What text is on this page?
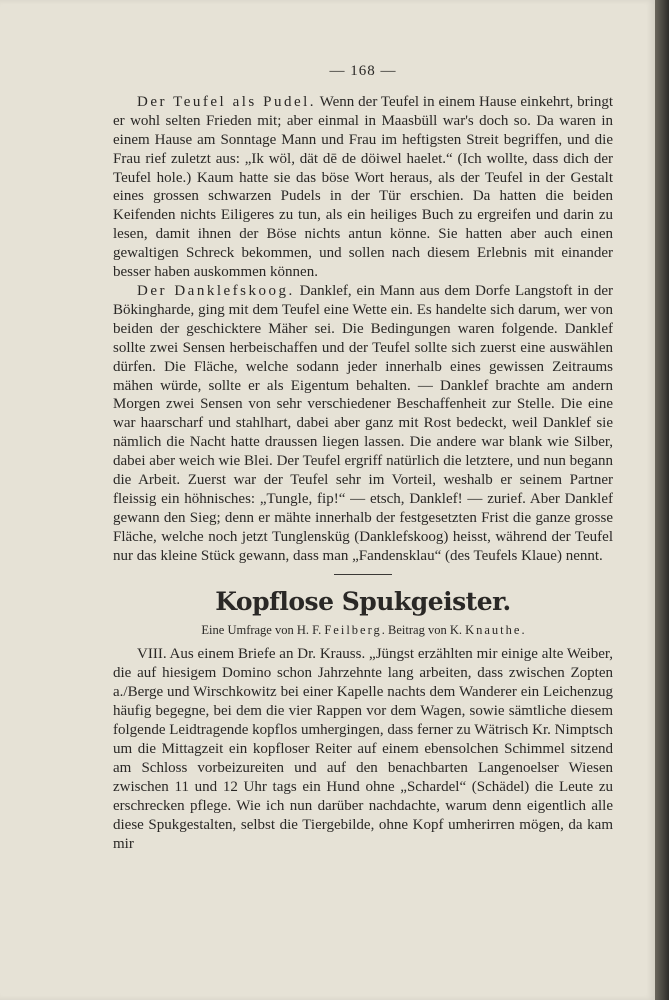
— 168 —

Der Teufel als Pudel. Wenn der Teufel in einem Hause einkehrt, bringt er wohl selten Frieden mit; aber einmal in Maasbüll war's doch so. Da waren in einem Hause am Sonntage Mann und Frau im heftigsten Streit begriffen, und die Frau rief zuletzt aus: „Ik wöl, dät dē de döiwel haelet.“ (Ich wollte, dass dich der Teufel hole.) Kaum hatte sie das böse Wort heraus, als der Teufel in der Gestalt eines grossen schwarzen Pudels in der Tür erschien. Da hatten die beiden Keifenden nichts Eiligeres zu tun, als ein heiliges Buch zu ergreifen und darin zu lesen, damit ihnen der Böse nichts antun könne. Sie hatten aber auch einen gewaltigen Schreck bekommen, und sollen nach diesem Erlebnis mit einander besser haben auskommen können.

Der Danklefskoog. Danklef, ein Mann aus dem Dorfe Langstoft in der Bökingharde, ging mit dem Teufel eine Wette ein. Es handelte sich darum, wer von beiden der geschicktere Mäher sei. Die Bedingungen waren folgende. Danklef sollte zwei Sensen herbeischaffen und der Teufel sollte sich zuerst eine auswählen dürfen. Die Fläche, welche sodann jeder innerhalb eines gewissen Zeitraums mähen würde, sollte er als Eigentum behalten. — Danklef brachte am andern Morgen zwei Sensen von sehr verschiedener Beschaffenheit zur Stelle. Die eine war haarscharf und stahlhart, dabei aber ganz mit Rost bedeckt, weil Danklef sie nämlich die Nacht hatte draussen liegen lassen. Die andere war blank wie Silber, dabei aber weich wie Blei. Der Teufel ergriff natürlich die letztere, und nun begann die Arbeit. Zuerst war der Teufel sehr im Vorteil, weshalb er seinem Partner fleissig ein höhnisches: „Tungle, fip!“ — etsch, Danklef! — zurief. Aber Danklef gewann den Sieg; denn er mähte innerhalb der festgesetzten Frist die ganze grosse Fläche, welche noch jetzt Tunglensküg (Danklefskoog) heisst, während der Teufel nur das kleine Stück gewann, dass man „Fandensklau“ (des Teufels Klaue) nennt.

Kopflose Spukgeister.
Eine Umfrage von H. F. Feilberg. Beitrag von K. Knauthe.

VIII. Aus einem Briefe an Dr. Krauss. „Jüngst erzählten mir einige alte Weiber, die auf hiesigem Domino schon Jahrzehnte lang arbeiten, dass zwischen Zopten a./Berge und Wirschkowitz bei einer Kapelle nachts dem Wanderer ein Leichenzug häufig begegne, bei dem die vier Rappen vor dem Wagen, sowie sämtliche diesem folgende Leidtragende kopflos umhergingen, dass ferner zu Wätrisch Kr. Nimptsch um die Mittagzeit ein kopfloser Reiter auf einem ebensolchen Schimmel sitzend am Schloss vorbeizureiten und auf den benachbarten Langenoelser Wiesen zwischen 11 und 12 Uhr tags ein Hund ohne „Schardel“ (Schädel) die Leute zu erschrecken pflege. Wie ich nun darüber nachdachte, warum denn eigentlich alle diese Spukgestalten, selbst die Tiergebilde, ohne Kopf umherirren mögen, da kam mir
